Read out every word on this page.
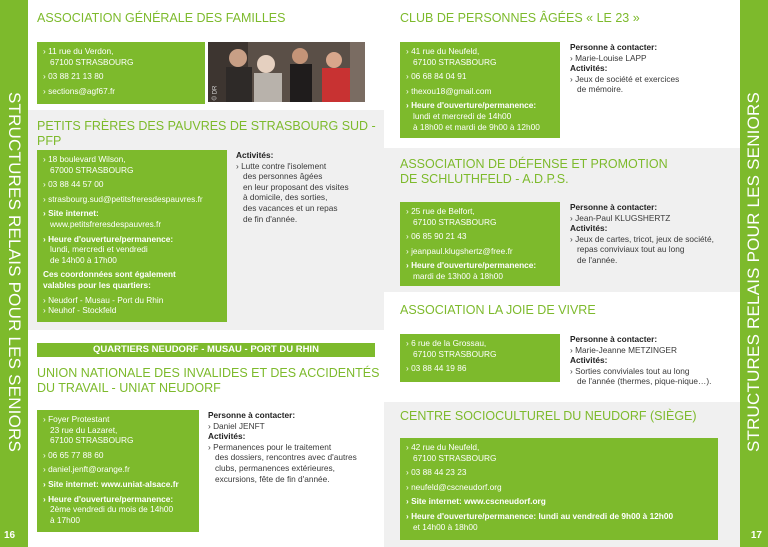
STRUCTURES RELAIS POUR LES SENIORS
16
STRUCTURES RELAIS POUR LES SENIORS
17
ASSOCIATION GÉNÉRALE DES FAMILLES

› 11 rue du Verdon,

67100 STRASBOURG

› 03 88 21 13 80

› sections@agf67.fr	© DR
PETITS FRÈRES DES PAUVRES DE STRASBOURG SUD - PFP

› 18 boulevard Wilson,

67000 STRASBOURG

› 03 88 44 57 00

› strasbourg.sud@petitsfreresdespauvres.fr

› Site internet:

www.petitsfreresdespauvres.fr

› Heure d'ouverture/permanence:

lundi, mercredi et vendredi

de 14h00 à 17h00

Ces coordonnées sont également

valables pour les quartiers:

› Neudorf - Musau - Port du Rhin

› Neuhof - Stockfeld

Activités:

› Lutte contre l'isolement

des personnes âgées

en leur proposant des visites

à domicile, des sorties,

des vacances et un repas

de fin d'année.

QUARTIERS NEUDORF - MUSAU - PORT DU RHIN
UNION NATIONALE DES INVALIDES ET DES ACCIDENTÉS
DU TRAVAIL - UNIAT NEUDORF

› Foyer Protestant

23 rue du Lazaret,

67100 STRASBOURG

› 06 65 77 88 60

› daniel.jenft@orange.fr

› Site internet: www.uniat-alsace.fr

› Heure d'ouverture/permanence:

2ème vendredi du mois de 14h00

à 17h00

Personne à contacter:

› Daniel JENFT

Activités:

› Permanences pour le traitement

des dossiers, rencontres avec d'autres

clubs, permanences extérieures,

excursions, fête de fin d'année.

CLUB DE PERSONNES ÂGÉES « LE 23 »

› 41 rue du Neufeld,

67100 STRASBOURG

› 06 68 84 04 91

› thexou18@gmail.com

› Heure d'ouverture/permanence:

lundi et mercredi de 14h00

à 18h00 et mardi de 9h00 à 12h00

Personne à contacter:

› Marie-Louise LAPP

Activités:

› Jeux de société et exercices

de mémoire.

ASSOCIATION DE DÉFENSE ET PROMOTION
DE SCHLUTHFELD - A.D.P.S.

› 25 rue de Belfort,

67100 STRASBOURG

› 06 85 90 21 43

› jeanpaul.klugshertz@free.fr

› Heure d'ouverture/permanence:

mardi de 13h00 à 18h00

Personne à contacter:

› Jean-Paul KLUGSHERTZ

Activités:

› Jeux de cartes, tricot, jeux de société,

repas conviviaux tout au long

de l'année.

ASSOCIATION LA JOIE DE VIVRE

› 6 rue de la Grossau,

67100 STRASBOURG

› 03 88 44 19 86

Personne à contacter:

› Marie-Jeanne METZINGER

Activités:

› Sorties conviviales tout au long

de l'année (thermes, pique-nique…).

CENTRE SOCIOCULTUREL DU NEUDORF (SIÈGE)

› 42 rue du Neufeld,

67100 STRASBOURG

› 03 88 44 23 23

› neufeld@cscneudorf.org

› Site internet: www.cscneudorf.org

› Heure d'ouverture/permanence: lundi au vendredi de 9h00 à 12h00

et 14h00 à 18h00
